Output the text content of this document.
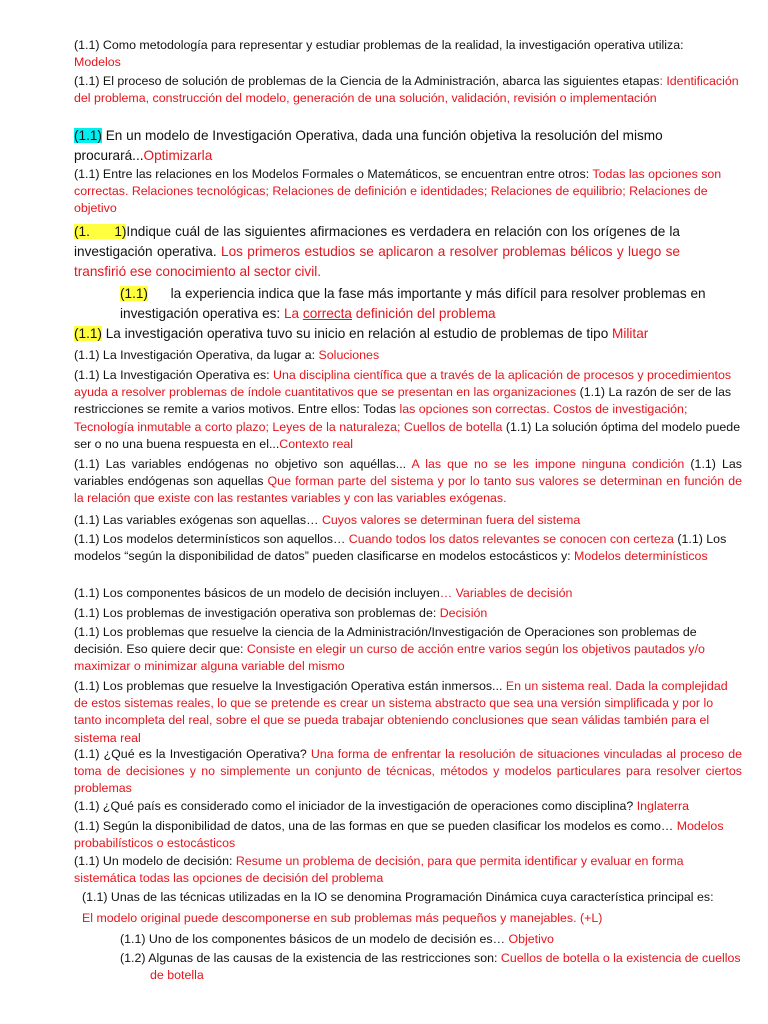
(1.1) Como metodología para representar y estudiar problemas de la realidad, la investigación operativa utiliza:
Modelos

(1.1) El proceso de solución de problemas de la Ciencia de la Administración, abarca las siguientes etapas: Identificación del problema, construcción del modelo, generación de una solución, validación, revisión o implementación

(1.1) En un modelo de Investigación Operativa, dada una función objetiva la resolución del mismo procurará...Optimizarla

(1.1) Entre las relaciones en los Modelos Formales o Matemáticos, se encuentran entre otros: Todas las opciones son correctas. Relaciones tecnológicas; Relaciones de definición e identidades; Relaciones de equilibrio; Relaciones de objetivo

(1.      1)Indique cuál de las siguientes afirmaciones es verdadera en relación con los orígenes de la investigación operativa. Los primeros estudios se aplicaron a resolver problemas bélicos y luego se transfirió ese conocimiento al sector civil.

(1.1)      la experiencia indica que la fase más importante y más difícil para resolver problemas en investigación operativa es: La correcta definición del problema

(1.1) La investigación operativa tuvo su inicio en relación al estudio de problemas de tipo Militar

(1.1) La Investigación Operativa, da lugar a: Soluciones

(1.1) La Investigación Operativa es: Una disciplina científica que a través de la aplicación de procesos y procedimientos ayuda a resolver problemas de índole cuantitativos que se presentan en las organizaciones (1.1) La razón de ser de las restricciones se remite a varios motivos. Entre ellos: Todas las opciones son correctas. Costos de investigación; Tecnología inmutable a corto plazo; Leyes de la naturaleza; Cuellos de botella (1.1) La solución óptima del modelo puede ser o no una buena respuesta en el...Contexto real

(1.1) Las variables endógenas no objetivo son aquéllas... A las que no se les impone ninguna condición (1.1) Las variables endógenas son aquellas Que forman parte del sistema y por lo tanto sus valores se determinan en función de la relación que existe con las restantes variables y con las variables exógenas.

(1.1) Las variables exógenas son aquellas… Cuyos valores se determinan fuera del sistema

(1.1) Los modelos determinísticos son aquellos… Cuando todos los datos relevantes se conocen con certeza (1.1) Los modelos “según la disponibilidad de datos” pueden clasificarse en modelos estocásticos y: Modelos determinísticos

(1.1) Los componentes básicos de un modelo de decisión incluyen… Variables de decisión

(1.1) Los problemas de investigación operativa son problemas de: Decisión

(1.1) Los problemas que resuelve la ciencia de la Administración/Investigación de Operaciones son problemas de decisión. Eso quiere decir que: Consiste en elegir un curso de acción entre varios según los objetivos pautados y/o maximizar o minimizar alguna variable del mismo

(1.1) Los problemas que resuelve la Investigación Operativa están inmersos... En un sistema real. Dada la complejidad de estos sistemas reales, lo que se pretende es crear un sistema abstracto que sea una versión simplificada y por lo tanto incompleta del real, sobre el que se pueda trabajar obteniendo conclusiones que sean válidas también para el sistema real

(1.1) ¿Qué es la Investigación Operativa? Una forma de enfrentar la resolución de situaciones vinculadas al proceso de toma de decisiones y no simplemente un conjunto de técnicas, métodos y modelos particulares para resolver ciertos problemas

(1.1) ¿Qué país es considerado como el iniciador de la investigación de operaciones como disciplina? Inglaterra

(1.1) Según la disponibilidad de datos, una de las formas en que se pueden clasificar los modelos es como… Modelos probabilísticos o estocásticos

(1.1) Un modelo de decisión: Resume un problema de decisión, para que permita identificar y evaluar en forma sistemática todas las opciones de decisión del problema

(1.1) Unas de las técnicas utilizadas en la IO se denomina Programación Dinámica cuya característica principal es:

El modelo original puede descomponerse en sub problemas más pequeños y manejables. (+L)

(1.1) Uno de los componentes básicos de un modelo de decisión es… Objetivo

(1.2) Algunas de las causas de la existencia de las restricciones son: Cuellos de botella o la existencia de cuellos de botella
